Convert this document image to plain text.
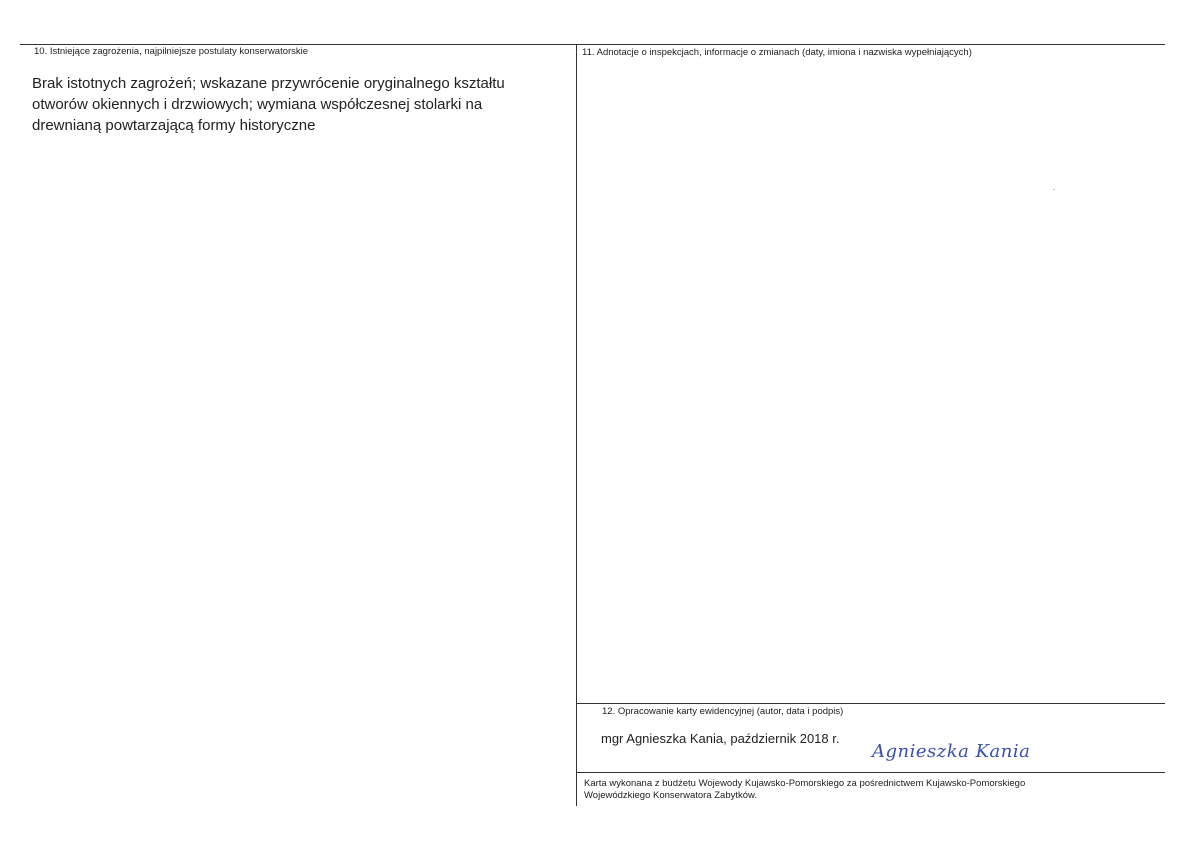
10. Istniejące zagrożenia, najpilniejsze postulaty konserwatorskie
Brak istotnych zagrożeń; wskazane przywrócenie oryginalnego kształtu
otworów okiennych i drzwiowych; wymiana współczesnej stolarki na
drewnianą powtarzającą formy historyczne
11. Adnotacje o inspekcjach, informacje o zmianach (daty, imiona i nazwiska wypełniających)
12. Opracowanie karty ewidencyjnej (autor, data i podpis)
mgr Agnieszka Kania, październik 2018 r.
Agnieszka Kania
Karta wykonana z budżetu Wojewody Kujawsko-Pomorskiego za pośrednictwem Kujawsko-Pomorskiego
Wojewódzkiego Konserwatora Zabytków.
